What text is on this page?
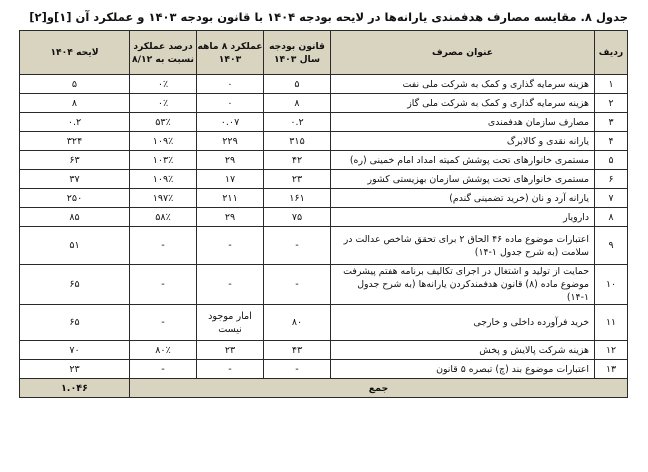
جدول ۸. مقایسه مصارف هدفمندی یارانه‌ها در لایحه بودجه ۱۴۰۴ با قانون بودجه ۱۴۰۳ و عملکرد آن [۱]و[۲]
ردیف	عنوان مصرف	قانون بودجه سال ۱۴۰۳	عملکرد ۸ ماهه ۱۴۰۳	درصد عملکرد نسبت به ۸/۱۲	لایحه ۱۴۰۴
۱	هزینه سرمایه گذاری و کمک به شرکت ملی نفت	۵	۰	۰٪	۵
۲	هزینه سرمایه گذاری و کمک به شرکت ملی گاز	۸	۰	۰٪	۸
۳	مصارف سازمان هدفمندی	۰.۲	۰.۰۷	۵۳٪	۰.۲
۴	یارانه نقدی و کالابرگ	۳۱۵	۲۲۹	۱۰۹٪	۳۲۴
۵	مستمری خانوارهای تحت پوشش کمیته امداد امام خمینی (ره)	۴۲	۲۹	۱۰۳٪	۶۳
۶	مستمری خانوارهای تحت پوشش سازمان بهزیستی کشور	۲۳	۱۷	۱۰۹٪	۳۷
۷	یارانه آرد و نان (خرید تضمینی گندم)	۱۶۱	۲۱۱	۱۹۷٪	۲۵۰
۸	دارویار	۷۵	۲۹	۵۸٪	۸۵
۹	اعتبارات موضوع ماده ۴۶ الحاق ۲ برای تحقق شاخص عدالت در سلامت (به شرح جدول ۱-۱۴)	-	-	-	۵۱
۱۰	حمایت از تولید و اشتغال در اجرای تکالیف برنامه هفتم پیشرفت موضوع ماده (۸) قانون هدفمندکردن یارانه‌ها (به شرح جدول ۱-۱۴)	-	-	-	۶۵
۱۱	خرید فرآورده داخلی و خارجی	۸۰	امار موجود نیست	-	۶۵
۱۲	هزینه شرکت پالایش و پخش	۴۳	۲۳	۸۰٪	۷۰
۱۳	اعتبارات موضوع بند (چ) تبصره ۵ قانون	-	-	-	۲۳
جمع					۱.۰۴۶
